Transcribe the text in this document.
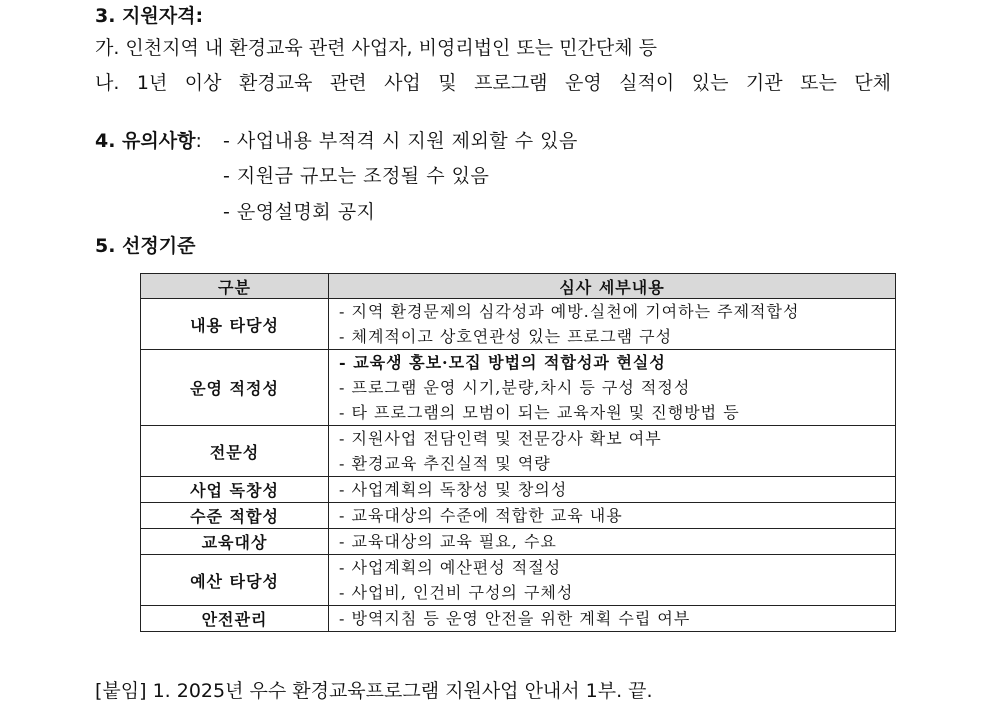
3. 지원자격:
가. 인천지역 내 환경교육 관련 사업자, 비영리법인 또는 민간단체 등
나. 1년 이상 환경교육 관련 사업 및 프로그램 운영 실적이 있는 기관 또는 단체
4. 유의사항: - 사업내용 부적격 시 지원 제외할 수 있음
- 지원금 규모는 조정될 수 있음
- 운영설명회 공지
5. 선정기준
구분	심사 세부내용
내용 타당성	- 지역 환경문제의 심각성과 예방.실천에 기여하는 주제적합성
- 체계적이고 상호연관성 있는 프로그램 구성

운영 적정성	- 교육생 홍보·모집 방법의 적합성과 현실성
- 프로그램 운영 시기,분량,차시 등 구성 적정성
- 타 프로그램의 모범이 되는 교육자원 및 진행방법 등

전문성	- 지원사업 전담인력 및 전문강사 확보 여부
- 환경교육 추진실적 및 역량

사업 독창성	- 사업계획의 독창성 및 창의성

수준 적합성	- 교육대상의 수준에 적합한 교육 내용

교육대상	- 교육대상의 교육 필요, 수요

예산 타당성	- 사업계획의 예산편성 적절성
- 사업비, 인건비 구성의 구체성

안전관리	- 방역지침 등 운영 안전을 위한 계획 수립 여부
[붙임] 1. 2025년 우수 환경교육프로그램 지원사업 안내서 1부. 끝.
